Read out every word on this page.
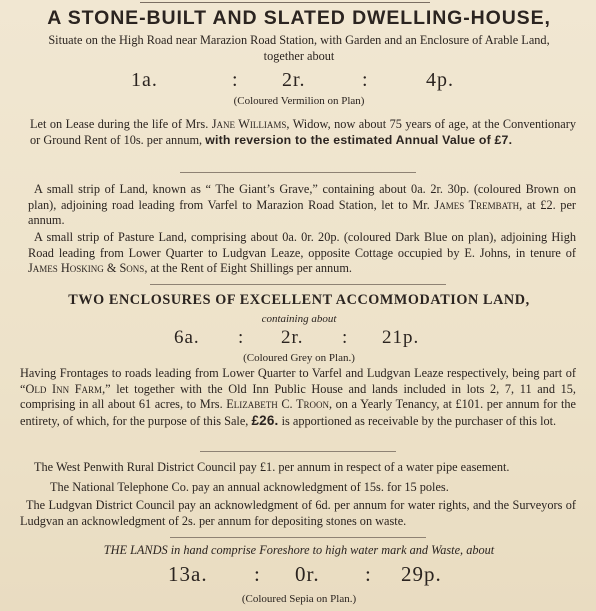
A STONE-BUILT AND SLATED DWELLING-HOUSE,
Situate on the High Road near Marazion Road Station, with Garden and an Enclosure of Arable Land,
together about
1a.	: 2r.	:	4p.
(Coloured Vermilion on Plan)
Let on Lease during the life of Mrs. Jane Williams, Widow, now about 75 years of age, at the Conventionary or Ground Rent of 10s. per annum, with reversion to the estimated Annual Value of £7.
A small strip of Land, known as “ The Giant’s Grave,” containing about 0a. 2r. 30p. (coloured Brown on plan), adjoining road leading from Varfel to Marazion Road Station, let to Mr. James Trembath, at £2. per annum.
A small strip of Pasture Land, comprising about 0a. 0r. 20p. (coloured Dark Blue on plan), adjoining High Road leading from Lower Quarter to Ludgvan Leaze, opposite Cottage occupied by E. Johns, in tenure of James Hosking & Sons, at the Rent of Eight Shillings per annum.
TWO ENCLOSURES OF EXCELLENT ACCOMMODATION LAND,
containing about
6a. : 2r. : 21p.
(Coloured Grey on Plan.)
Having Frontages to roads leading from Lower Quarter to Varfel and Ludgvan Leaze respectively, being part of “Old Inn Farm,” let together with the Old Inn Public House and lands included in lots 2, 7, 11 and 15, comprising in all about 61 acres, to Mrs. Elizabeth C. Troon, on a Yearly Tenancy, at £101. per annum for the entirety, of which, for the purpose of this Sale, £26. is apportioned as receivable by the purchaser of this lot.
The West Penwith Rural District Council pay £1. per annum in respect of a water pipe easement.
The National Telephone Co. pay an annual acknowledgment of 15s. for 15 poles.
The Ludgvan District Council pay an acknowledgment of 6d. per annum for water rights, and the Surveyors of Ludgvan an acknowledgment of 2s. per annum for depositing stones on waste.
THE LANDS in hand comprise Foreshore to high water mark and Waste, about
13a. : 0r. : 29p.
(Coloured Sepia on Plan.)
